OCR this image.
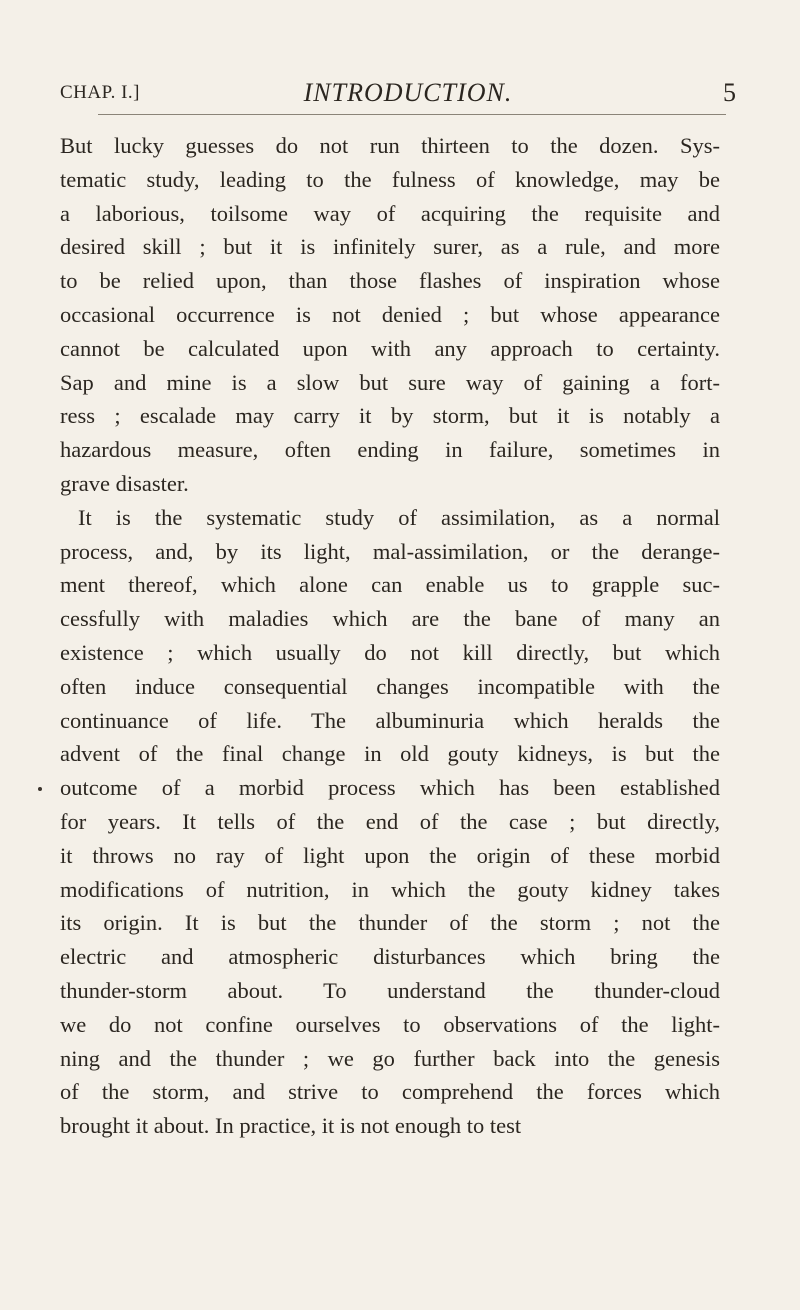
CHAP. I.]	INTRODUCTION.	5
But lucky guesses do not run thirteen to the dozen. Sys-
tematic study, leading to the fulness of knowledge, may be
a laborious, toilsome way of acquiring the requisite and
desired skill ; but it is infinitely surer, as a rule, and more
to be relied upon, than those flashes of inspiration whose
occasional occurrence is not denied ; but whose appearance
cannot be calculated upon with any approach to certainty.
Sap and mine is a slow but sure way of gaining a fort-
ress ; escalade may carry it by storm, but it is notably a
hazardous measure, often ending in failure, sometimes in
grave disaster.
It is the systematic study of assimilation, as a normal
process, and, by its light, mal-assimilation, or the derange-
ment thereof, which alone can enable us to grapple suc-
cessfully with maladies which are the bane of many an
existence ; which usually do not kill directly, but which
often induce consequential changes incompatible with the
continuance of life. The albuminuria which heralds the
advent of the final change in old gouty kidneys, is but the
outcome of a morbid process which has been established
for years. It tells of the end of the case ; but directly,
it throws no ray of light upon the origin of these morbid
modifications of nutrition, in which the gouty kidney takes
its origin. It is but the thunder of the storm ; not the
electric and atmospheric disturbances which bring the
thunder-storm about. To understand the thunder-cloud
we do not confine ourselves to observations of the light-
ning and the thunder ; we go further back into the genesis
of the storm, and strive to comprehend the forces which
brought it about. In practice, it is not enough to test
